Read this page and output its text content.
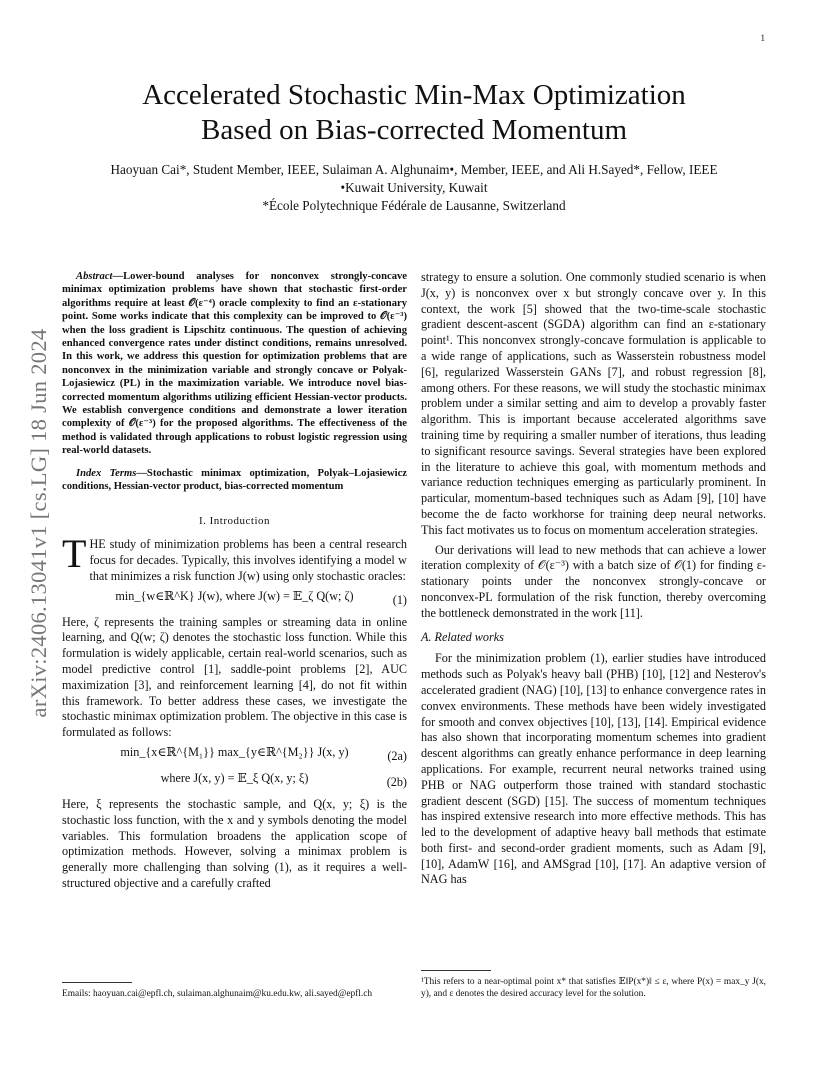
1
arXiv:2406.13041v1 [cs.LG] 18 Jun 2024
Accelerated Stochastic Min-Max Optimization
Based on Bias-corrected Momentum
Haoyuan Cai*, Student Member, IEEE, Sulaiman A. Alghunaim•, Member, IEEE, and Ali H.Sayed*, Fellow, IEEE
•Kuwait University, Kuwait
*École Polytechnique Fédérale de Lausanne, Switzerland

Abstract—Lower-bound analyses for nonconvex strongly-concave minimax optimization problems have shown that stochastic first-order algorithms require at least 𝒪(ε⁻⁴) oracle complexity to find an ε-stationary point. Some works indicate that this complexity can be improved to 𝒪(ε⁻³) when the loss gradient is Lipschitz continuous. The question of achieving enhanced convergence rates under distinct conditions, remains unresolved. In this work, we address this question for optimization problems that are nonconvex in the minimization variable and strongly concave or Polyak-Lojasiewicz (PL) in the maximization variable. We introduce novel bias-corrected momentum algorithms utilizing efficient Hessian-vector products. We establish convergence conditions and demonstrate a lower iteration complexity of 𝒪(ε⁻³) for the proposed algorithms. The effectiveness of the method is validated through applications to robust logistic regression using real-world datasets.

Index Terms—Stochastic minimax optimization, Polyak–Lojasiewicz conditions, Hessian-vector product, bias-corrected momentum

I. Introduction

THE study of minimization problems has been a central research focus for decades. Typically, this involves identifying a model w that minimizes a risk function J(w) using only stochastic oracles:

min_{w∈ℝ^K} J(w), where J(w) = 𝔼_ζ Q(w; ζ)	(1)

Here, ζ represents the training samples or streaming data in online learning, and Q(w; ζ) denotes the stochastic loss function. While this formulation is widely applicable, certain real-world scenarios, such as model predictive control [1], saddle-point problems [2], AUC maximization [3], and reinforcement learning [4], do not fit within this framework. To better address these cases, we investigate the stochastic minimax optimization problem. The objective in this case is formulated as follows:

min_{x∈ℝ^{M₁}} max_{y∈ℝ^{M₂}} J(x, y)	(2a)
where J(x, y) = 𝔼_ξ Q(x, y; ξ)	(2b)

Here, ξ represents the stochastic sample, and Q(x, y; ξ) is the stochastic loss function, with the x and y symbols denoting the model variables. This formulation broadens the application scope of optimization methods. However, solving a minimax problem is generally more challenging than solving (1), as it requires a well-structured objective and a carefully crafted

Emails: haoyuan.cai@epfl.ch, sulaiman.alghunaim@ku.edu.kw, ali.sayed@epfl.ch

strategy to ensure a solution. One commonly studied scenario is when J(x, y) is nonconvex over x but strongly concave over y. In this context, the work [5] showed that the two-time-scale stochastic gradient descent-ascent (SGDA) algorithm can find an ε-stationary point¹. This nonconvex strongly-concave formulation is applicable to a wide range of applications, such as Wasserstein robustness model [6], regularized Wasserstein GANs [7], and robust regression [8], among others. For these reasons, we will study the stochastic minimax problem under a similar setting and aim to develop a provably faster algorithm. This is important because accelerated algorithms save training time by requiring a smaller number of iterations, thus leading to significant resource savings. Several strategies have been explored in the literature to achieve this goal, with momentum methods and variance reduction techniques emerging as particularly prominent. In particular, momentum-based techniques such as Adam [9], [10] have become the de facto workhorse for training deep neural networks. This fact motivates us to focus on momentum acceleration strategies.

Our derivations will lead to new methods that can achieve a lower iteration complexity of 𝒪(ε⁻³) with a batch size of 𝒪(1) for finding ε-stationary points under the nonconvex strongly-concave or nonconvex-PL formulation of the risk function, thereby overcoming the bottleneck demonstrated in the work [11].

A. Related works

For the minimization problem (1), earlier studies have introduced methods such as Polyak's heavy ball (PHB) [10], [12] and Nesterov's accelerated gradient (NAG) [10], [13] to enhance convergence rates in convex environments. These methods have been widely investigated for smooth and convex objectives [10], [13], [14]. Empirical evidence has also shown that incorporating momentum schemes into gradient descent algorithms can greatly enhance performance in deep learning applications. For example, recurrent neural networks trained using PHB or NAG outperform those trained with standard stochastic gradient descent (SGD) [15]. The success of momentum techniques has inspired extensive research into more effective methods. This has led to the development of adaptive heavy ball methods that estimate both first- and second-order gradient moments, such as Adam [9], [10], AdamW [16], and AMSgrad [10], [17]. An adaptive version of NAG has

¹This refers to a near-optimal point x* that satisfies 𝔼‖P(x*)‖ ≤ ε, where P(x) = max_y J(x, y), and ε denotes the desired accuracy level for the solution.
